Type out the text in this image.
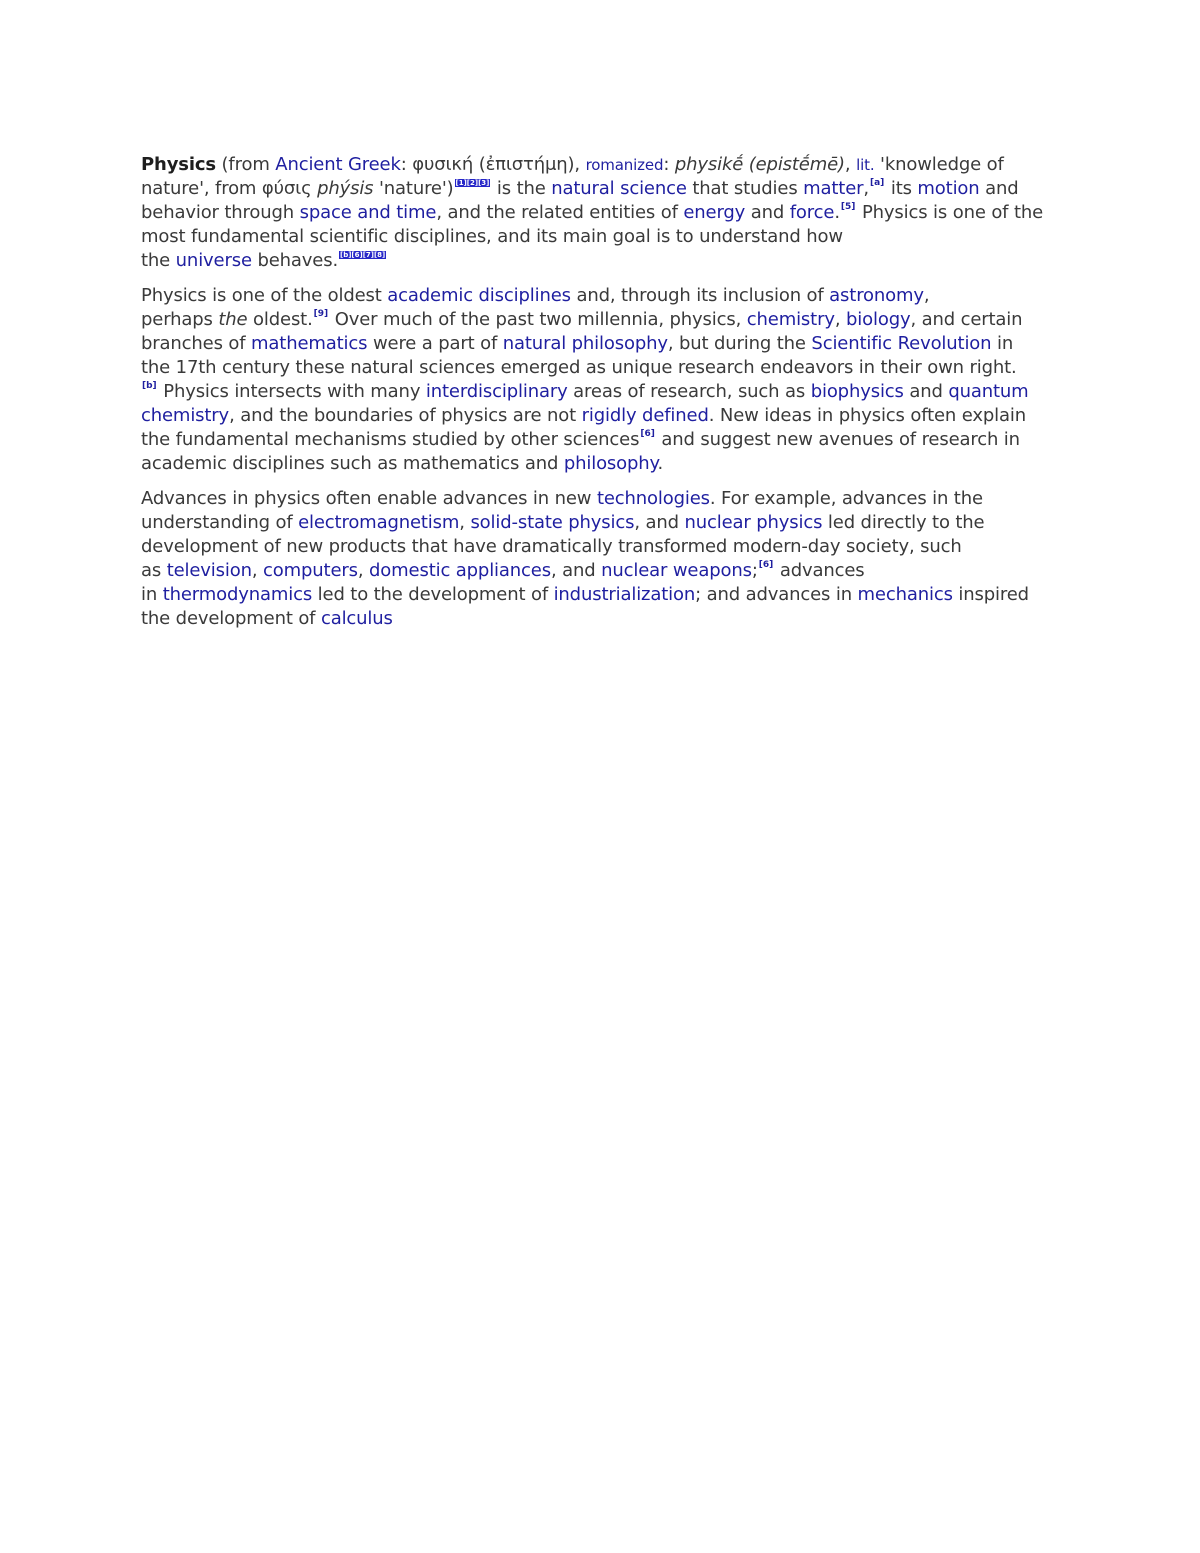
Physics (from Ancient Greek: φυσική (ἐπιστήμη), romanized: physikḗ (epistḗmē), lit. 'knowledge of
nature', from φύσις phýsis 'nature') [1][2][3] is the natural science that studies matter,[a] its motion and
behavior through space and time, and the related entities of energy and force.[5] Physics is one of the
most fundamental scientific disciplines, and its main goal is to understand how
the universe behaves. [b][6][7][8]

Physics is one of the oldest academic disciplines and, through its inclusion of astronomy,
perhaps the oldest.[9] Over much of the past two millennia, physics, chemistry, biology, and certain
branches of mathematics were a part of natural philosophy, but during the Scientific Revolution in
the 17th century these natural sciences emerged as unique research endeavors in their own right.
[b] Physics intersects with many interdisciplinary areas of research, such as biophysics and quantum
chemistry, and the boundaries of physics are not rigidly defined. New ideas in physics often explain
the fundamental mechanisms studied by other sciences[6] and suggest new avenues of research in
academic disciplines such as mathematics and philosophy.

Advances in physics often enable advances in new technologies. For example, advances in the
understanding of electromagnetism, solid-state physics, and nuclear physics led directly to the
development of new products that have dramatically transformed modern-day society, such
as television, computers, domestic appliances, and nuclear weapons;[6] advances
in thermodynamics led to the development of industrialization; and advances in mechanics inspired
the development of calculus
